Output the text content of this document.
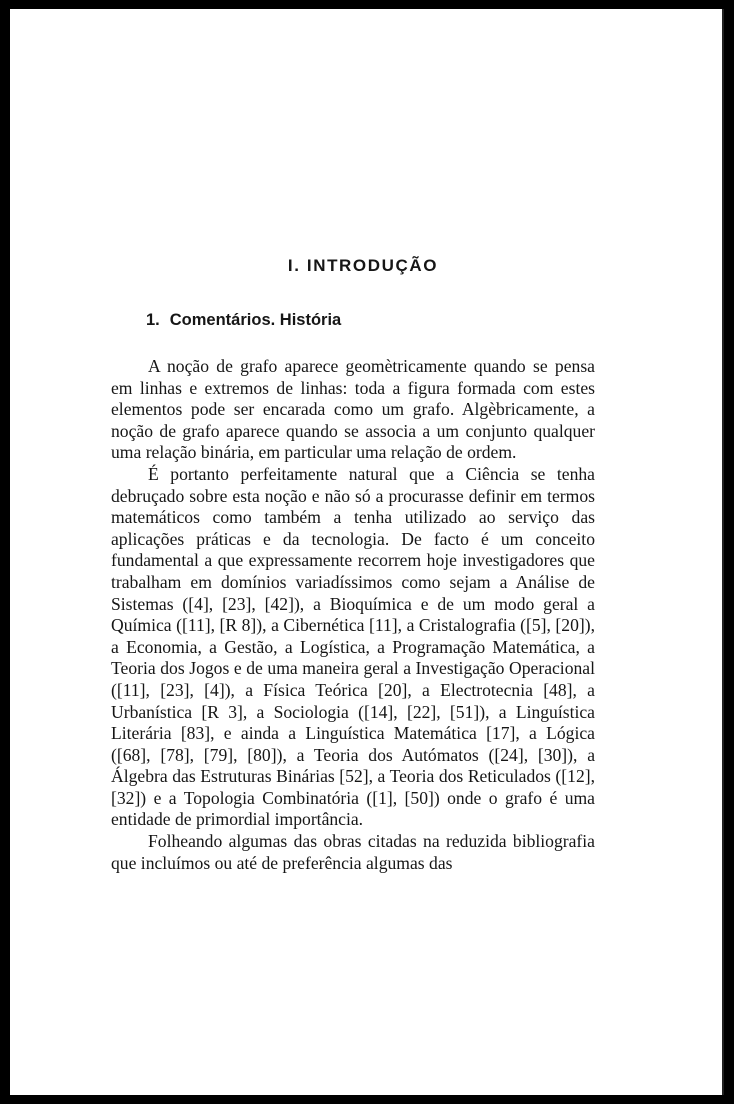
I. INTRODUÇÃO
1. Comentários. História

A noção de grafo aparece geomètricamente quando se pensa em linhas e extremos de linhas: toda a figura formada com estes elementos pode ser encarada como um grafo. Algèbricamente, a noção de grafo aparece quando se associa a um conjunto qualquer uma relação binária, em particular uma relação de ordem.

É portanto perfeitamente natural que a Ciência se tenha debruçado sobre esta noção e não só a procurasse definir em termos matemáticos como também a tenha utilizado ao serviço das aplicações práticas e da tecnologia. De facto é um conceito fundamental a que expressamente recorrem hoje investigadores que trabalham em domínios variadíssimos como sejam a Análise de Sistemas ([4], [23], [42]), a Bioquímica e de um modo geral a Química ([11], [R 8]), a Cibernética [11], a Cristalografia ([5], [20]), a Economia, a Gestão, a Logística, a Programação Matemática, a Teoria dos Jogos e de uma maneira geral a Investigação Operacional ([11], [23], [4]), a Física Teórica [20], a Electrotecnia [48], a Urbanística [R 3], a Sociologia ([14], [22], [51]), a Linguística Literária [83], e ainda a Linguística Matemática [17], a Lógica ([68], [78], [79], [80]), a Teoria dos Autómatos ([24], [30]), a Álgebra das Estruturas Binárias [52], a Teoria dos Reticulados ([12], [32]) e a Topologia Combinatória ([1], [50]) onde o grafo é uma entidade de primordial importância.

Folheando algumas das obras citadas na reduzida bibliografia que incluímos ou até de preferência algumas das
